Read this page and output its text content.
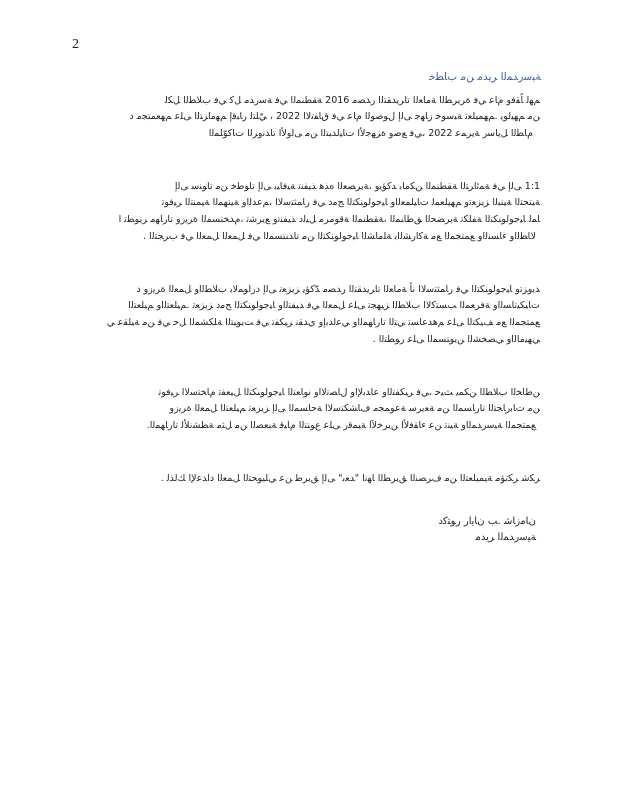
2
ﺔﻴﺳرﺪﻤﻟا ﺮﻳﺪﻣ ﻦﻣ بﺎﻄﺧ
ﻢﻬﻟ ﺎًﻘﻓو مﺎﻋ ﻲﻓ ةﺮﻳﺮﻄﻟا ﺔﻣﺎﻌﻟا تاﺮﻳﺪﻘﺘﻟا رﺪﺼﻣ 2016 ﺔﻘﻄﻨﻤﻟا ﻲﻓ ﺔﺳرﺪﻣ ﻞﻛ ﻲﻓ بﻼﻄﻟا ﻞﻜﻟ
ﻦﻣ ﻢﻬﻴﻟﻮﻳ .ﻢﻬﻤﻴﻠﻌﺗ ﺔﺒﺳﻮﺣ زﺎﻬﺟ ﻰﻟإ لﻮﺻﻮﻟا مﺎﻋ ﻲﻓ قﺎﻔﺗﻻا 2022 ، ﻲّﻠﺘﻟ رﺎﺒﻗإ ﻢﻬﻣاﺰﺘﻟا ﻰﻠﻋ ﻢﻬﻌﻤﺘﺠﻣ د
مﺎﻄﻟا ﻞﻳﺎﺳر ﺔﻳﺮﻤﻋ 2022 ،ﻲﻓ ﻊﺿو ةﺰﻬﺟﻷا تﺎﻴﻟﺪﺒﺘﻟا ﻦﻣ ﻰﻟوﻷا تاﺪﻧوﺮﻟا تﺎﻛﻮّﻠﻤﻟا
1:1 ﻰﻟإ ﻲﻓ ﺔﻤﺋاﺮﺘﻟا ﺔﻘﻄﻨﻤﻟا ﻦﻜﻣﺎﺑ ﺪﻛﺆﻳو ،ﺔﻳﺮﺼﻌﻟا هﺬﻫ ﺬﻴﻔﻨﺗ ﺔﻴﻓﺎﻴﺑ ﻰﻟإ تاﻮﻃﺧ ﻦﻣ تاﻮﻨﺳ ﻰﻟإ
ﺔﻴﺘﺤﺘﻟا ﺔﻴﻨﺒﻟا ﺰﻳﺰﻌﺗو ﻢﻬﻴﻠﻌﻤﻟ تﺎﻴﻠﻤﻌﻟاو ﺎﻴﺟﻮﻟﻮﻨﻜﺘﻟا ﺞﻣد ﻲﻓ رﺎﻤﺜﺘﺳﻻا ،ﻢﻋﺪﻟاو ﺔﻴﻨﻬﻤﻟا ﺔﻴﻤﻨﺘﻟا ﺮﻴﻓﻮﺗ
ﺎﻤﻟ ﺎﻴﺟﻮﻟﻮﻨﻜﺘﻟا ﺔﻔﻠﻜﺗ ﺔﻳﺮﻀﺤﻟا ﻖﻃﺎﻨﻤﻟا ،ﺔﻘﻄﻨﻤﻟا ﺔﻗﻮﻣﺮﻣ ﻞﻴﻟد ﺬﻴﻔﻨﺗو ﻊﻳﺮﺷﺗ ،مﺪﺨﺘﺴﻤﻟا ةﺮﻳزو تارﺎﻬﻣ ﺮﻳﻮﻄﺗ ا
ﻻﺎﻄﻟاو ءﺎﺴﻨﻟاو ﻊﻤﺘﺠﻤﻟا ﻊﻣ ﺔﻛارﺸﻟاﺑ ﺔﻠﻣﺎﺸﻟا ﺎﻴﺟﻮﻟﻮﻨﻜﺘﻟا ﻦﻣ تاﺪﻨﺘﺴﻤﻟا ﻲﻓ ﻞﻤﻌﻟا ﻞﻤﻌﻟا ﻲﻓ بﺮﺠﺘﻟا .
ﺪﻳوﺰﺗو ﺎﻴﺟﻮﻟﻮﻨﻜﺘﻟا ﻲﻓ رﺎﻤﺜﺘﺳﻻا نأ ﺔﻣﺎﻌﻟا تاﺮﻳﺪﻘﺘﻟا رﺪﺼﻣ ﺪّﻛﺆﻳ ﺰﻳﺰﻌﺗ ﻰﻟإ دراﻮﻤﻟﺎﺑ بﻼﻄﻟاو ﻞﻤﻌﻟا ةﺮﻳزو د
تﺎﻴﻜﻴﺗﺎﺴﻟاو ﺔﻓﺮﻌﻤﻟا ﺐﺴﺘﻛﻻا بﻼﻄﻟا ﺰﻴﻬﺠﺗ ﻰﻠﻋ ﻞﻤﻌﻟا ﻲﻓ ﺪﻴﻔﺘﻟاو ﺎﻴﺟﻮﻟﻮﻨﻜﺘﻟا ﺞﻣد ﺰﻳﺰﻌﺗ .ﻢﻴﻠﻌﺘﻟاو ﻢﻴﻠﻌﺘﻟا
ﻊﻤﺘﺠﻤﻟا ﻊﻣ ﻒﻴﻜﺘﻟا ﻰﻠﻋ ﻢﻫﺪﻋﺎﺴﺗ ﻲﺘﻟا تارﺎﻬﻤﻟاو ﻲﻋاﺪﺑإو يﺪﻘﻧ ﺮﻴﻜﻔﺗ ﻲﻓ ﺖﻳﻮﺒﺘﻟا ﺔﻠﻜﺸﻤﻟا ﻞﺣ ﻲﻓ ﻦﻣ ﺔﻴﻠﻘﻋ ﻲ
ﻲﻬﻴﻣﺎﻟاو ﻲﺼﺨﺸﻟا ﻦﻳﻮﺘﺴﻤﻟا ﻰﻠﻋ رﻮﻄﺘﻟا .
ﻦﻃﺎﺨﻟا بﻼﻄﻟا ﻦﻜﻤﻳ ﺚﻴﺣ ،ﻲﻓ ﺮﻴﻜﻔﺘﻟاو عاﺪﺑﻹاو لﺎﺼﺗﻻاو نوﺎﻌﺘﻟا ﺎﻴﺟﻮﻟﻮﻨﻜﺘﻟا ﻞﻴﻌﻔﺗ مﺎﺨﺘﺳﻻا ﺮﻴﻓﻮﺗ
ﻦﻣ تﺎﺑرﺎﺠﺘﻟا تارﺎﺴﻤﻟا ﻦﻣ ﺔﻌﻳﺮﺳ ﺔﻋﻮﻤﺠﻣ فﺎﺸﻜﺘﺳﻻا ﺔﺣﺎﺴﻤﻟا ﻰﻟإ ﺰﻳﺰﻌﺗ ﻢﻴﻠﻌﺘﻟا ﻞﻤﻌﻟا ةﺮﻳزو
ﻊﻤﺘﺠﻤﻟا ﺔﻴﺳرﺪﻤﻟاو ﺔﻴﻨﺗ ﻦﻋ ءﺎﻘﻓﻷا ﻦﻳﺮﺧﻵا ﺔﻴﻤﻗر ﻰﻠﻋ عﻮﻨﺘﻟا مﺎﻴﻗ ﺔﺒﻌﺼﻟا ﻦﻣ ﻞﺜﻣ ﺔﻄﺸﻧﻸﻟ تارﺎﻬﻤﻟا.
ﺮﻜﺷ ﺮﻜﺗﺆﻣ ﺔﻴﻤﻴﻠﻌﺘﻟا ﻦﻣ فﺮﺼﻨﻟا ﻖﻳﺮﻄﻟا ﺎﻬﻧا "ﺪﻌﺑ" ﻰﻟإ ﻖﻳﺮﻃ ﻦﻋ ﻲﻠﻴﻮﺤﺘﻟا ﻞﻤﻌﻟا داﺪﻋﻹا ﻚﻟﺬﻟ .
نﺎﻣزﺎﺷ .ﺐ نﺎﻳار رﻮﺘﻛد
ﺔﻴﺳرﺪﻤﻟا ﺮﻳﺪﻣ
